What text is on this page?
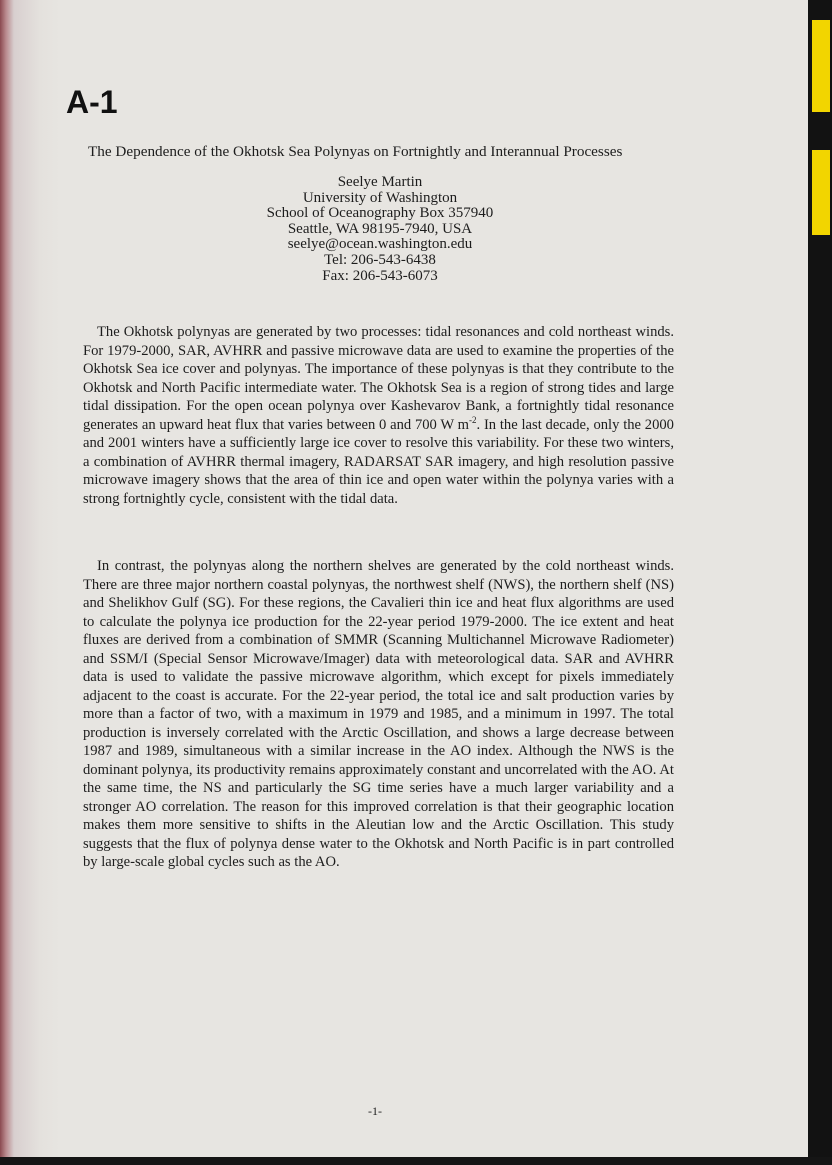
A-1
The Dependence of the Okhotsk Sea Polynyas on Fortnightly and Interannual Processes
Seelye Martin
University of Washington
School of Oceanography Box 357940
Seattle, WA 98195-7940, USA
seelye@ocean.washington.edu
Tel: 206-543-6438
Fax: 206-543-6073

The Okhotsk polynyas are generated by two processes: tidal resonances and cold northeast winds. For 1979-2000, SAR, AVHRR and passive microwave data are used to examine the properties of the Okhotsk Sea ice cover and polynyas. The importance of these polynyas is that they contribute to the Okhotsk and North Pacific intermediate water. The Okhotsk Sea is a region of strong tides and large tidal dissipation. For the open ocean polynya over Kashevarov Bank, a fortnightly tidal resonance generates an upward heat flux that varies between 0 and 700 W $m^{-2}$. In the last decade, only the 2000 and 2001 winters have a sufficiently large ice cover to resolve this variability. For these two winters, a combination of AVHRR thermal imagery, RADARSAT SAR imagery, and high resolution passive microwave imagery shows that the area of thin ice and open water within the polynya varies with a strong fortnightly cycle, consistent with the tidal data.

In contrast, the polynyas along the northern shelves are generated by the cold northeast winds. There are three major northern coastal polynyas, the northwest shelf (NWS), the northern shelf (NS) and Shelikhov Gulf (SG). For these regions, the Cavalieri thin ice and heat flux algorithms are used to calculate the polynya ice production for the 22-year period 1979-2000. The ice extent and heat fluxes are derived from a combination of SMMR (Scanning Multichannel Microwave Radiometer) and SSM/I (Special Sensor Microwave/Imager) data with meteorological data. SAR and AVHRR data is used to validate the passive microwave algorithm, which except for pixels immediately adjacent to the coast is accurate. For the 22-year period, the total ice and salt production varies by more than a factor of two, with a maximum in 1979 and 1985, and a minimum in 1997. The total production is inversely correlated with the Arctic Oscillation, and shows a large decrease between 1987 and 1989, simultaneous with a similar increase in the AO index. Although the NWS is the dominant polynya, its productivity remains approximately constant and uncorrelated with the AO. At the same time, the NS and particularly the SG time series have a much larger variability and a stronger AO correlation. The reason for this improved correlation is that their geographic location makes them more sensitive to shifts in the Aleutian low and the Arctic Oscillation. This study suggests that the flux of polynya dense water to the Okhotsk and North Pacific is in part controlled by large-scale global cycles such as the AO.

-1-
